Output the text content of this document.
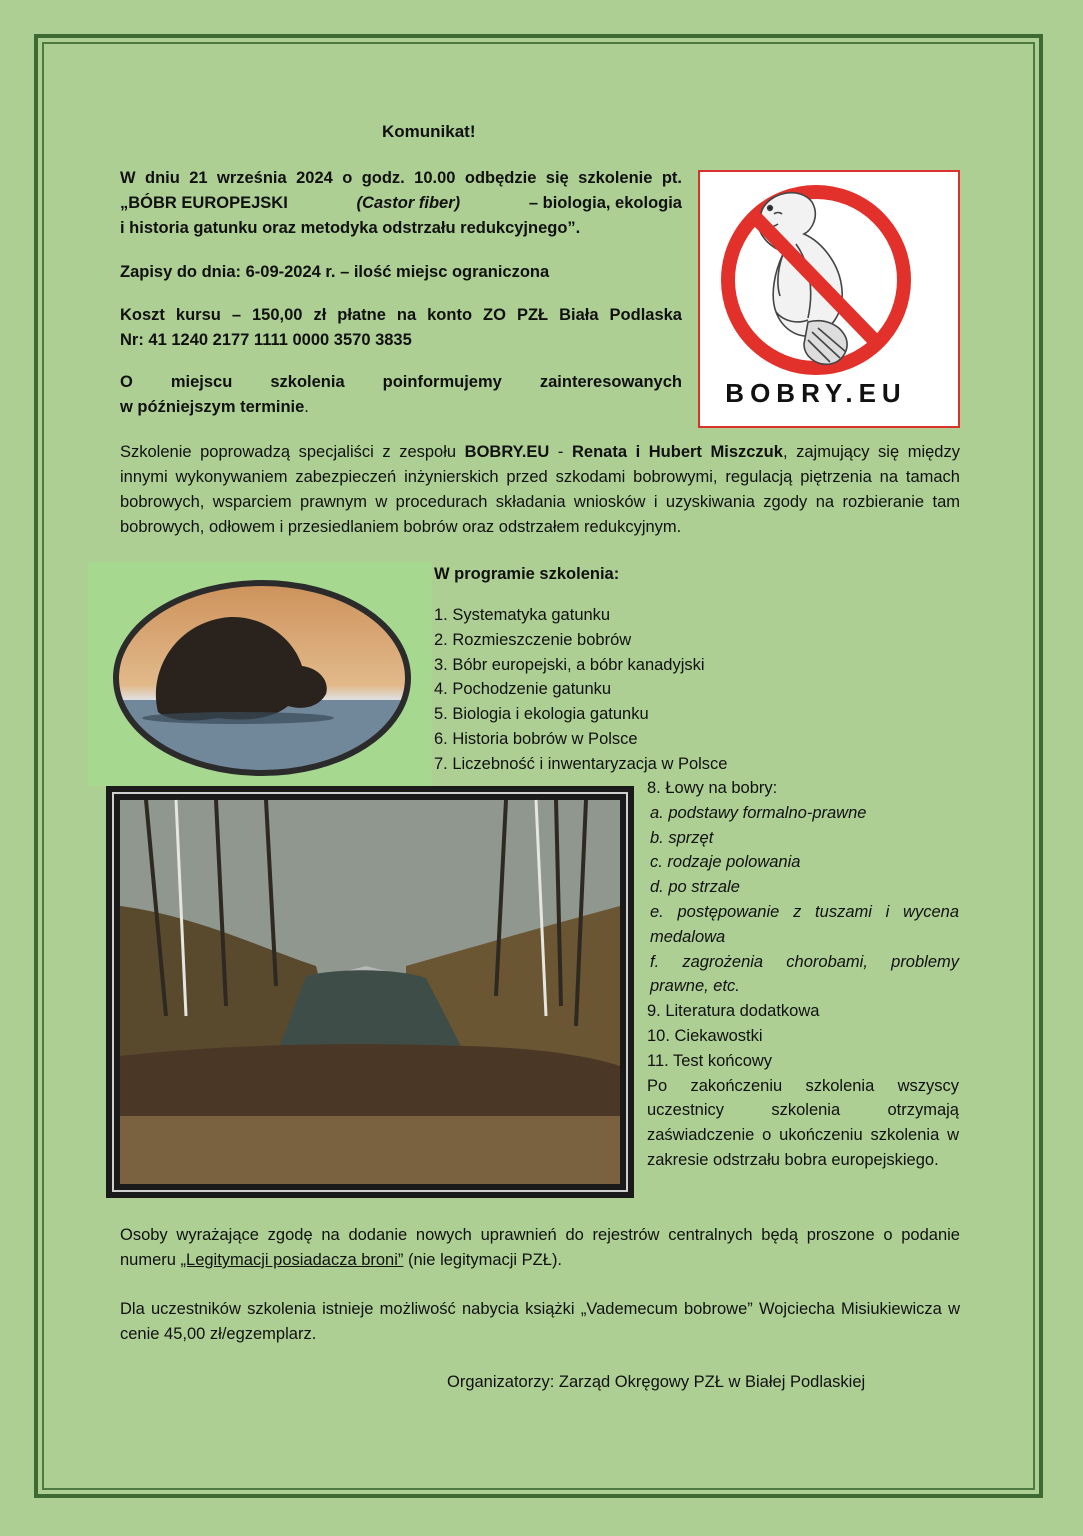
Komunikat!
W dniu 21 września 2024 o godz. 10.00 odbędzie się szkolenie pt.
„BÓBR EUROPEJSKI	(Castor fiber)	– biologia, ekologia
i historia gatunku oraz metodyka odstrzału redukcyjnego”.
Zapisy do dnia: 6-09-2024 r. – ilość miejsc ograniczona
Koszt kursu – 150,00 zł płatne na konto ZO PZŁ Biała Podlaska
Nr: 41 1240 2177 1111 0000 3570 3835
O miejscu szkolenia poinformujemy zainteresowanych
w późniejszym terminie.	BOBRY.EU
Szkolenie poprowadzą specjaliści z zespołu BOBRY.EU - Renata i Hubert Miszczuk, zajmujący się między innymi wykonywaniem zabezpieczeń inżynierskich przed szkodami bobrowymi, regulacją piętrzenia na tamach bobrowych, wsparciem prawnym w procedurach składania wniosków i uzyskiwania zgody na rozbieranie tam bobrowych, odłowem i przesiedlaniem bobrów oraz odstrzałem redukcyjnym.
W programie szkolenia:
1. Systematyka gatunku
2. Rozmieszczenie bobrów
3. Bóbr europejski, a bóbr kanadyjski
4. Pochodzenie gatunku
5. Biologia i ekologia gatunku
6. Historia bobrów w Polsce
7. Liczebność i inwentaryzacja w Polsce
8. Łowy na bobry:
a. podstawy formalno-prawne
b. sprzęt
c. rodzaje polowania
d. po strzale
e. postępowanie z tuszami i wycena medalowa
f. zagrożenia chorobami, problemy prawne, etc.
9. Literatura dodatkowa
10. Ciekawostki
11. Test końcowy
Po zakończeniu szkolenia wszyscy uczestnicy szkolenia otrzymają zaświadczenie o ukończeniu szkolenia w zakresie odstrzału bobra europejskiego.
Osoby wyrażające zgodę na dodanie nowych uprawnień do rejestrów centralnych będą proszone o podanie numeru „Legitymacji posiadacza broni” (nie legitymacji PZŁ).
Dla uczestników szkolenia istnieje możliwość nabycia książki „Vademecum bobrowe” Wojciecha Misiukiewicza w cenie 45,00 zł/egzemplarz.
Organizatorzy: Zarząd Okręgowy PZŁ w Białej Podlaskiej
